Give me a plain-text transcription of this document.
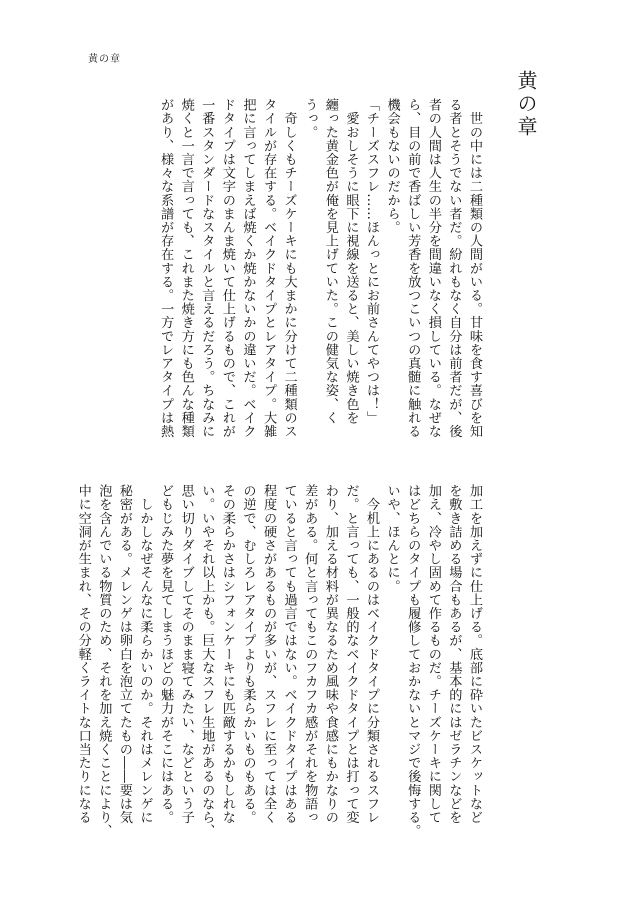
黄の章
黄の章
　世の中には二種類の人間がいる。甘味を食す喜びを知
る者とそうでない者だ。紛れもなく自分は前者だが、後
者の人間は人生の半分を間違いなく損している。なぜな
ら、目の前で香ばしい芳香を放つこいつの真髄に触れる
機会もないのだから。
「チーズスフレ……ほんっとにお前さんてやつは！」
　愛おしそうに眼下に視線を送ると、美しい焼き色を
纏った黄金色が俺を見上げていた。この健気な姿、く
うっ。
　奇しくもチーズケーキにも大まかに分けて二種類のス
タイルが存在する。ベイクドタイプとレアタイプ。大雑
把に言ってしまえば焼くか焼かないかの違いだ。ベイク
ドタイプは文字のまんま焼いて仕上げるもので、これが
一番スタンダードなスタイルと言えるだろう。ちなみに
焼くと一言で言っても、これまた焼き方にも色んな種類
があり、様々な系譜が存在する。一方でレアタイプは熱
加工を加えずに仕上げる。底部に砕いたビスケットなど
を敷き詰める場合もあるが、基本的にはゼラチンなどを
加え、冷やし固めて作るものだ。チーズケーキに関して
はどちらのタイプも履修しておかないとマジで後悔する。
いや、ほんとに。
　今机上にあるのはベイクドタイプに分類されるスフレ
だ。と言っても、一般的なベイクドタイプとは打って変
わり、加える材料が異なるため風味や食感にもかなりの
差がある。何と言ってもこのフカフカ感がそれを物語っ
ていると言っても過言ではない。ベイクドタイプはある
程度の硬さがあるものが多いが、スフレに至っては全く
の逆で、むしろレアタイプよりも柔らかいものもある。
その柔らかさはシフォンケーキにも匹敵するかもしれな
い。いやそれ以上かも。巨大なスフレ生地があるのなら、
思い切りダイブしてそのまま寝てみたい、などという子
どもじみた夢を見てしまうほどの魅力がそこにはある。
　しかしなぜそんなに柔らかいのか。それはメレンゲに
秘密がある。メレンゲは卵白を泡立てたもの――要は気
泡を含んでいる物質のため、それを加え焼くことにより、
中に空洞が生まれ、その分軽くライトな口当たりになる
